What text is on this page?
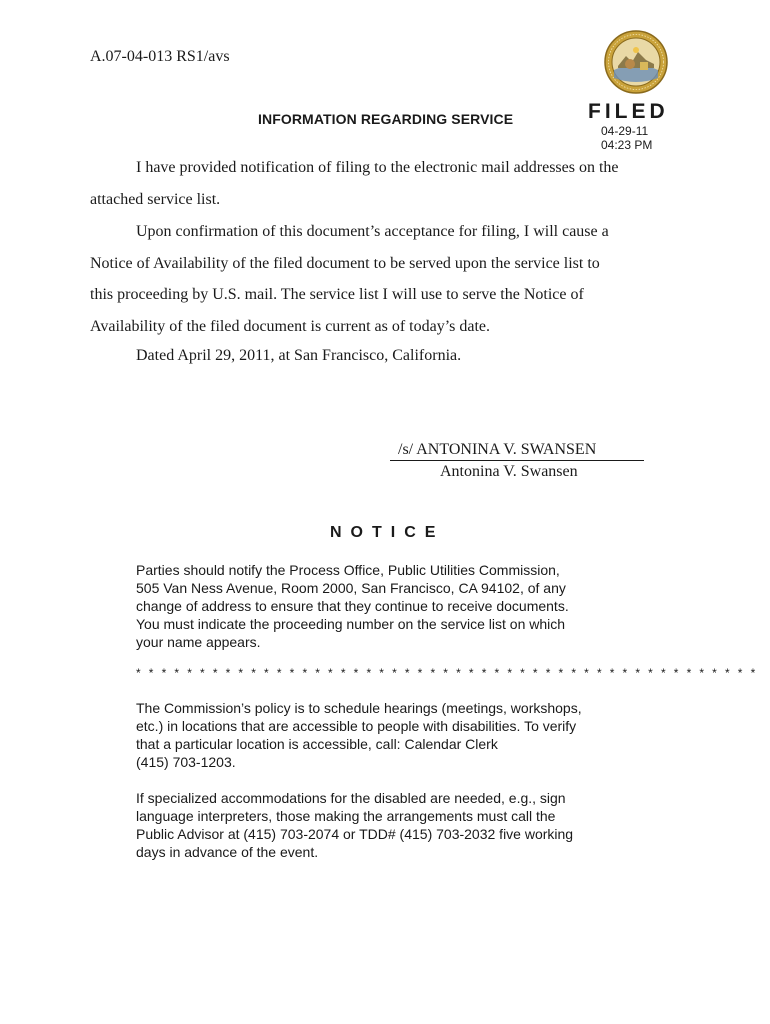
A.07-04-013 RS1/avs
INFORMATION REGARDING SERVICE	FILED
04-29-11
04:23 PM
I have provided notification of filing to the electronic mail addresses on the
attached service list.
Upon confirmation of this document’s acceptance for filing, I will cause a
Notice of Availability of the filed document to be served upon the service list to
this proceeding by U.S. mail. The service list I will use to serve the Notice of
Availability of the filed document is current as of today’s date.
Dated April 29, 2011, at San Francisco, California.
/s/ ANTONINA V. SWANSEN
Antonina V. Swansen
NOTICE
Parties should notify the Process Office, Public Utilities Commission,
505 Van Ness Avenue, Room 2000, San Francisco, CA 94102, of any
change of address to ensure that they continue to receive documents.
You must indicate the proceeding number on the service list on which
your name appears.
* * * * * * * * * * * * * * * * * * * * * * * * * * * * * * * * * * * * * * * * * * * * * * * * *
The Commission’s policy is to schedule hearings (meetings, workshops,
etc.) in locations that are accessible to people with disabilities. To verify
that a particular location is accessible, call: Calendar Clerk
(415) 703-1203.
If specialized accommodations for the disabled are needed, e.g., sign
language interpreters, those making the arrangements must call the
Public Advisor at (415) 703-2074 or TDD# (415) 703-2032 five working
days in advance of the event.
